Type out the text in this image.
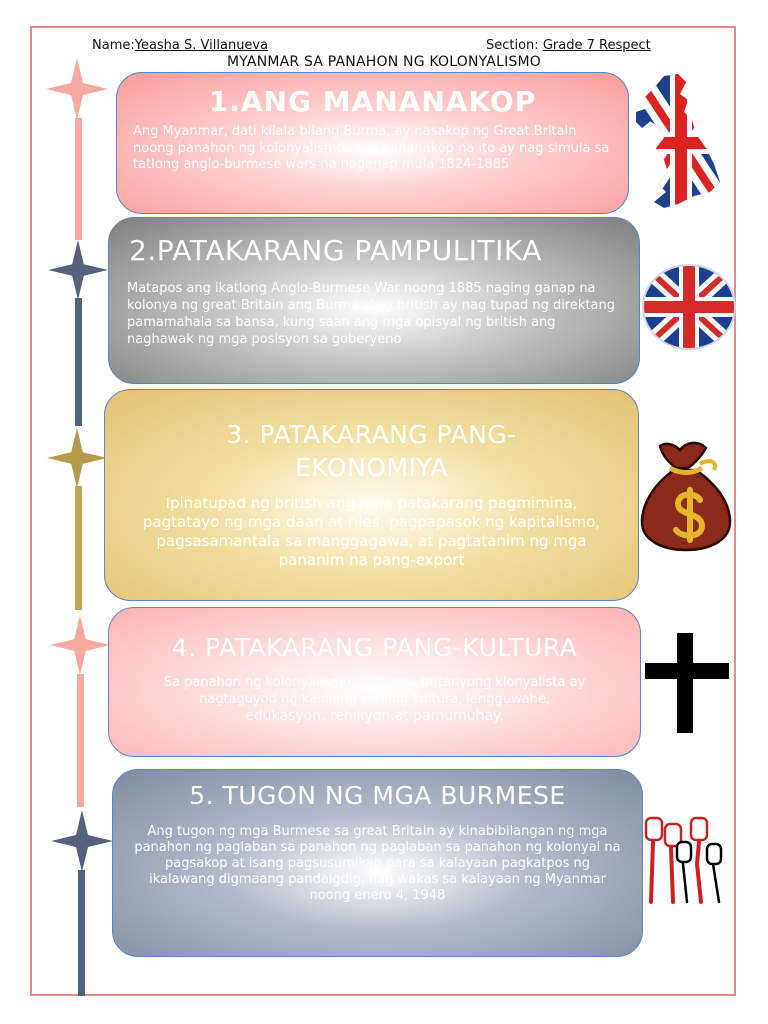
Name:Yeasha S. Villanueva	Section: Grade 7 Respect
MYANMAR SA PANAHON NG KOLONYALISMO
1.ANG MANANAKOP

Ang Myanmar, dati kilala bilang Burma, ay nasakop ng Great Britain noong panahon ng kolonyalismo. Ang pananakop na ito ay nag simula sa tatlong anglo-burmese wars na naganap mula 1824-1885

2.PATAKARANG PAMPULITIKA

Matapos ang ikatlong Anglo-Burmese War noong 1885 naging ganap na kolonya ng great Britain ang Burma. Ang british ay nag tupad ng direktang pamamahala sa bansa, kung saan ang mga opisyal ng british ang naghawak ng mga posisyon sa goberyeno

3. PATAKARANG PANG-
EKONOMIYA

Ipinatupad ng british ang mga patakarang pagmimina, pagtatayo ng mga daan at riles, pagpapasok ng kapitalismo, pagsasamantala sa manggagawa, at pagtatanim ng mga pananim na pang-export

4. PATAKARANG PANG-KULTURA

Sa panahon ng kolonyalismo, ang mga britanyong klonyalista ay nagtaguyod ng kanilang sariling kultura, lengguwahe,
edukasyon, rehiliyon,at pamumuhay.

5. TUGON NG MGA BURMESE

Ang tugon ng mga Burmese sa great Britain ay kinabibilangan ng mga panahon ng paglaban sa panahon ng paglaban sa panahon ng kolonyal na pagsakop at isang pagsusumikap para sa kalayaan pagkatpos ng ikalawang digmaang pandaigdig, nag wakas sa kalayaan ng Myanmar noong enero 4, 1948
